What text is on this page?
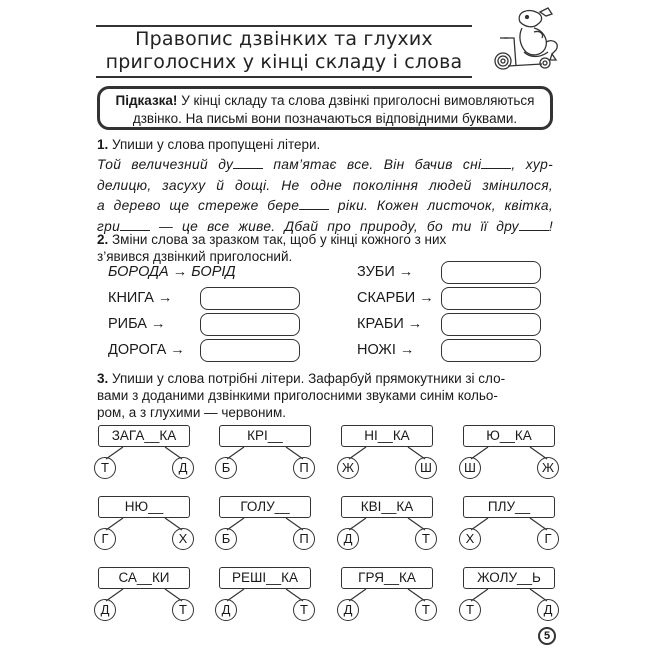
Правопис дзвінких та глухих
приголосних у кінці складу і слова
Підказка! У кінці складу та слова дзвінкі приголосні вимовляються
дзвінко. На письмі вони позначаються відповідними буквами.
1. Упиши у слова пропущені літери.
Той величезний ду пам’ятає все. Він бачив сні , хур-
делицю, засуху й дощі. Не одне покоління людей змінилося,
а дерево ще стереже бере ріки. Кожен листочок, квітка,
гри — це все живе. Дбай про природу, бо ти її дру !
2. Зміни слова за зразком так, щоб у кінці кожного з них
з’явився дзвінкий приголосний.
БОРОДА → БОРІД
КНИГА →
РИБА →
ДОРОГА →
ЗУБИ →
СКАРБИ →
КРАБИ →
НОЖІ →
3. Упиши у слова потрібні літери. Зафарбуй прямокутники зі сло-
вами з доданими дзвінкими приголосними звуками синім кольо-
ром, а з глухими — червоним.
ЗАГА__КА
Т	Д
КРІ__
Б	П
НІ__КА
Ж	Ш
Ю__КА
Ш	Ж
НЮ__
Г	Х
ГОЛУ__
Б	П
КВІ__КА
Д	Т
ПЛУ__
Х	Г
СА__КИ
Д	Т
РЕШІ__КА
Д	Т
ГРЯ__КА
Д	Т
ЖОЛУ__Ь
Т	Д
5
